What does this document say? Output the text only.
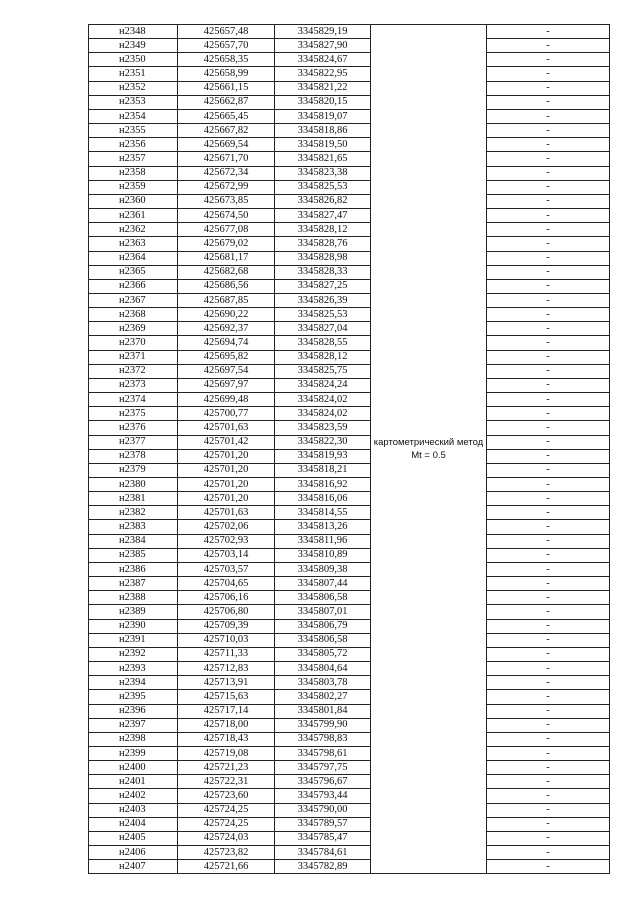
н2348	425657,48	3345829,19	картометрический метод Mt = 0.5	-
н2349	425657,70	3345827,90		-
н2350	425658,35	3345824,67		-
н2351	425658,99	3345822,95		-
н2352	425661,15	3345821,22		-
н2353	425662,87	3345820,15		-
н2354	425665,45	3345819,07		-
н2355	425667,82	3345818,86		-
н2356	425669,54	3345819,50		-
н2357	425671,70	3345821,65		-
н2358	425672,34	3345823,38		-
н2359	425672,99	3345825,53		-
н2360	425673,85	3345826,82		-
н2361	425674,50	3345827,47		-
н2362	425677,08	3345828,12		-
н2363	425679,02	3345828,76		-
н2364	425681,17	3345828,98		-
н2365	425682,68	3345828,33		-
н2366	425686,56	3345827,25		-
н2367	425687,85	3345826,39		-
н2368	425690,22	3345825,53		-
н2369	425692,37	3345827,04		-
н2370	425694,74	3345828,55		-
н2371	425695,82	3345828,12		-
н2372	425697,54	3345825,75		-
н2373	425697,97	3345824,24		-
н2374	425699,48	3345824,02		-
н2375	425700,77	3345824,02		-
н2376	425701,63	3345823,59		-
н2377	425701,42	3345822,30		-
н2378	425701,20	3345819,93		-
н2379	425701,20	3345818,21		-
н2380	425701,20	3345816,92		-
н2381	425701,20	3345816,06		-
н2382	425701,63	3345814,55		-
н2383	425702,06	3345813,26		-
н2384	425702,93	3345811,96		-
н2385	425703,14	3345810,89		-
н2386	425703,57	3345809,38		-
н2387	425704,65	3345807,44		-
н2388	425706,16	3345806,58		-
н2389	425706,80	3345807,01		-
н2390	425709,39	3345806,79		-
н2391	425710,03	3345806,58		-
н2392	425711,33	3345805,72		-
н2393	425712,83	3345804,64		-
н2394	425713,91	3345803,78		-
н2395	425715,63	3345802,27		-
н2396	425717,14	3345801,84		-
н2397	425718,00	3345799,90		-
н2398	425718,43	3345798,83		-
н2399	425719,08	3345798,61		-
н2400	425721,23	3345797,75		-
н2401	425722,31	3345796,67		-
н2402	425723,60	3345793,44		-
н2403	425724,25	3345790,00		-
н2404	425724,25	3345789,57		-
н2405	425724,03	3345785,47		-
н2406	425723,82	3345784,61		-
н2407	425721,66	3345782,89		-
